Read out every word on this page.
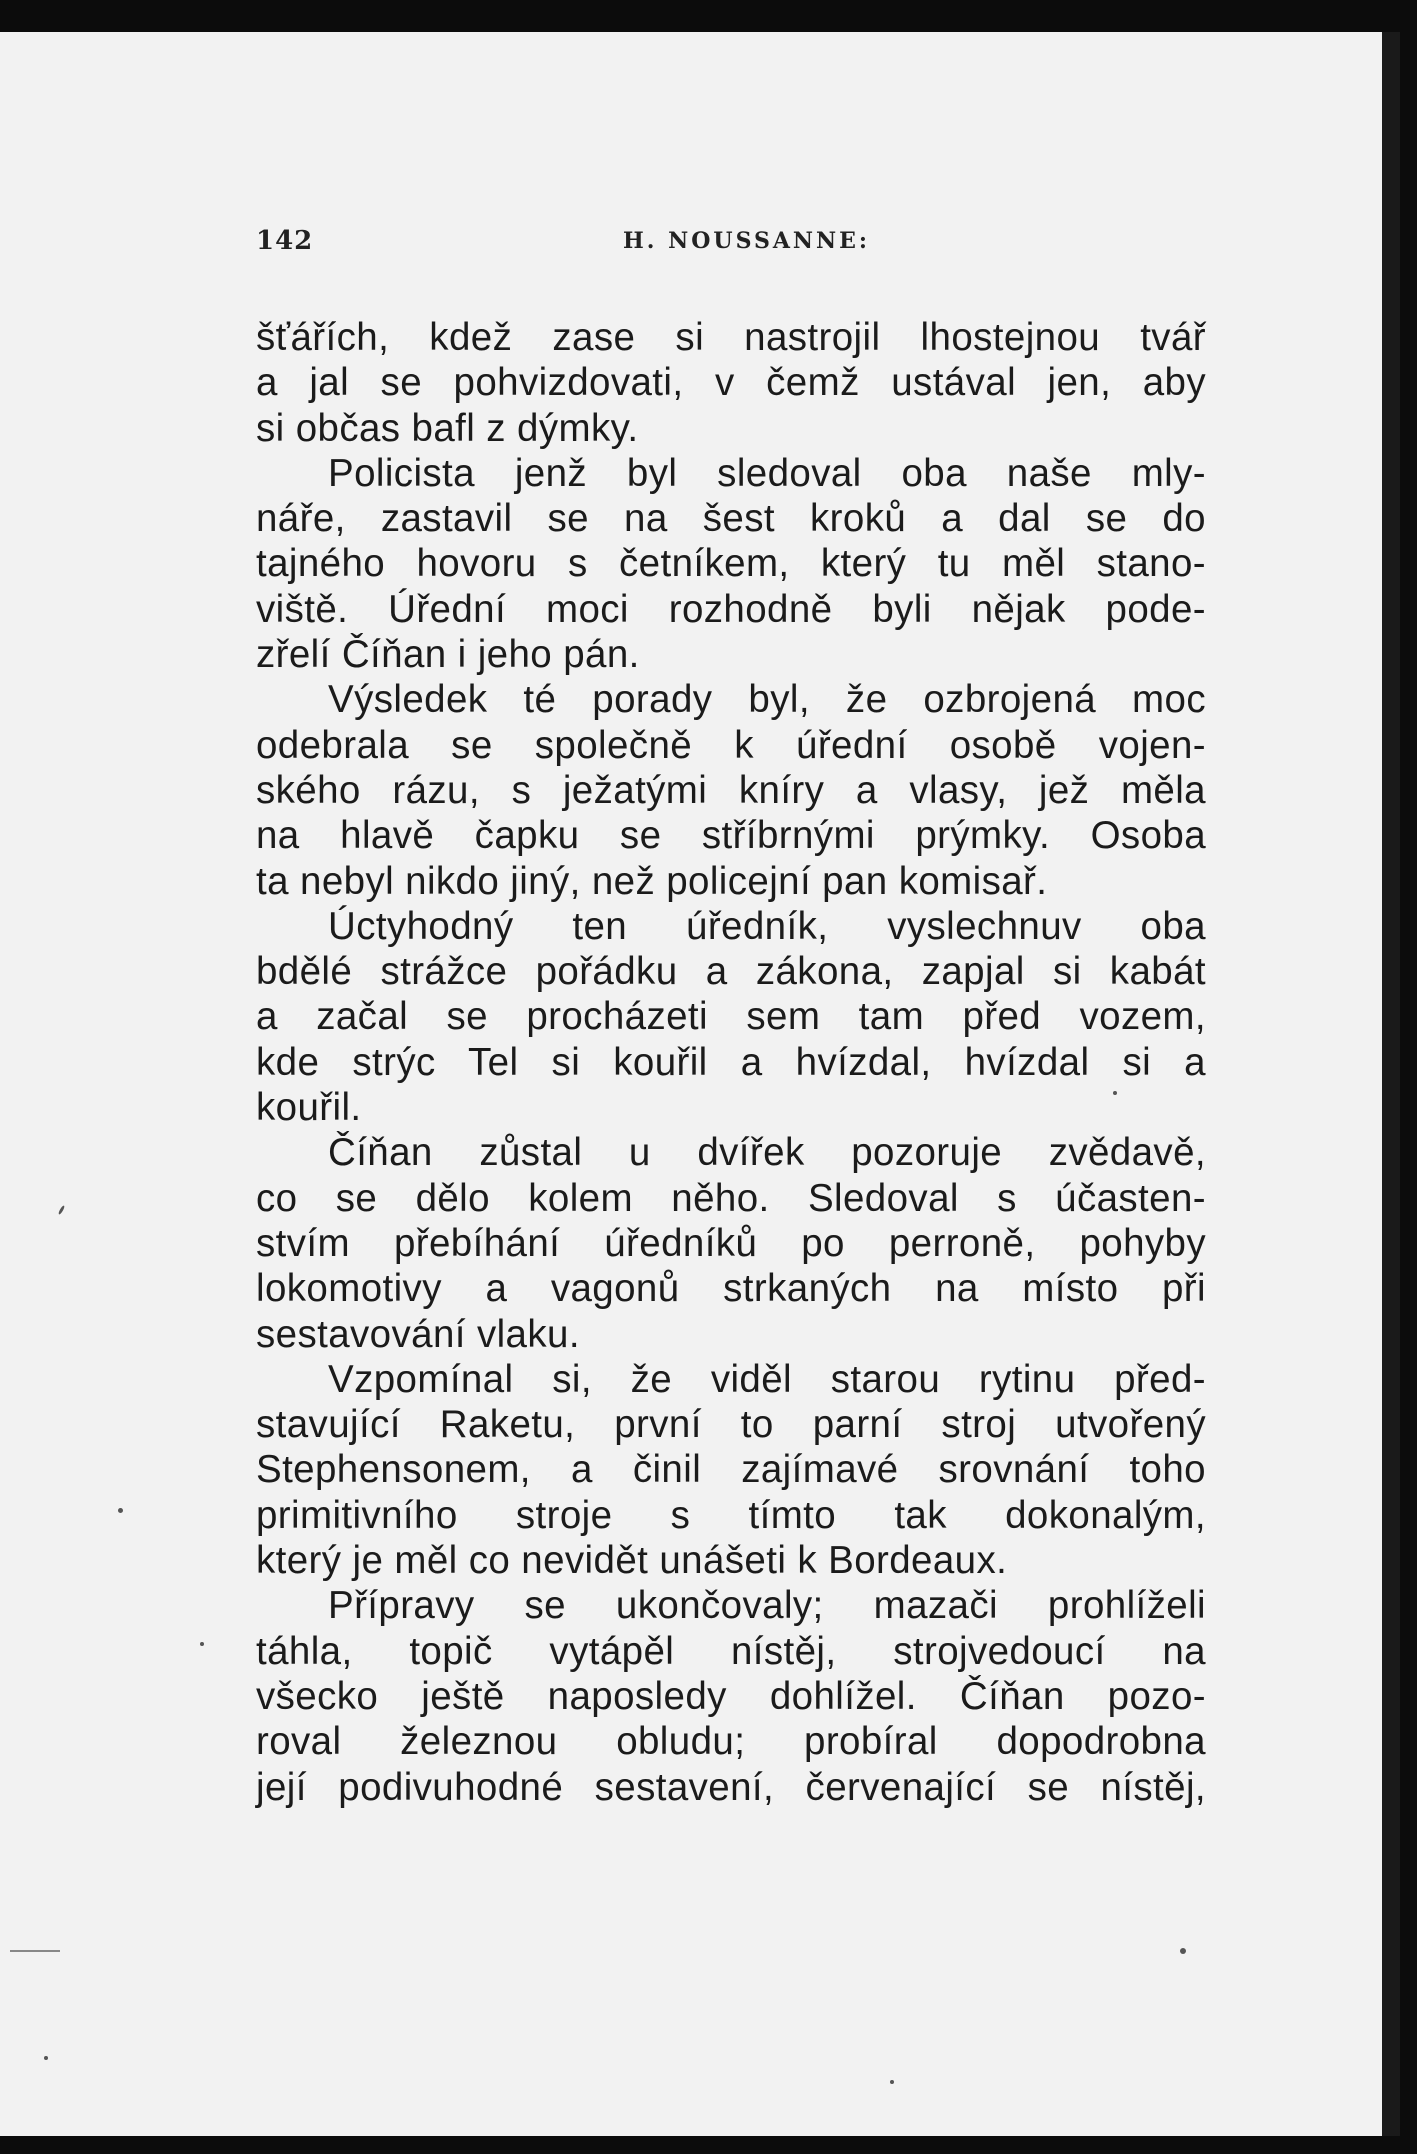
142	H. NOUSSANNE:
šťářích, kdež zase si nastrojil lhostejnou tvář
a jal se pohvizdovati, v čemž ustával jen, aby
si občas bafl z dýmky.
Policista jenž byl sledoval oba naše mly-
náře, zastavil se na šest kroků a dal se do
tajného hovoru s četníkem, který tu měl stano-
viště. Úřední moci rozhodně byli nějak pode-
zřelí Číňan i jeho pán.
Výsledek té porady byl, že ozbrojená moc
odebrala se společně k úřední osobě vojen-
ského rázu, s ježatými kníry a vlasy, jež měla
na hlavě čapku se stříbrnými prýmky. Osoba
ta nebyl nikdo jiný, než policejní pan komisař.
Úctyhodný ten úředník, vyslechnuv oba
bdělé strážce pořádku a zákona, zapjal si kabát
a začal se procházeti sem tam před vozem,
kde strýc Tel si kouřil a hvízdal, hvízdal si a
kouřil.
Číňan zůstal u dvířek pozoruje zvědavě,
co se dělo kolem něho. Sledoval s účasten-
stvím přebíhání úředníků po perroně, pohyby
lokomotivy a vagonů strkaných na místo při
sestavování vlaku.
Vzpomínal si, že viděl starou rytinu před-
stavující Raketu, první to parní stroj utvořený
Stephensonem, a činil zajímavé srovnání toho
primitivního stroje s tímto tak dokonalým,
který je měl co nevidět unášeti k Bordeaux.
Přípravy se ukončovaly; mazači prohlíželi
táhla, topič vytápěl nístěj, strojvedoucí na
všecko ještě naposledy dohlížel. Číňan pozo-
roval železnou obludu; probíral dopodrobna
její podivuhodné sestavení, červenající se nístěj,
